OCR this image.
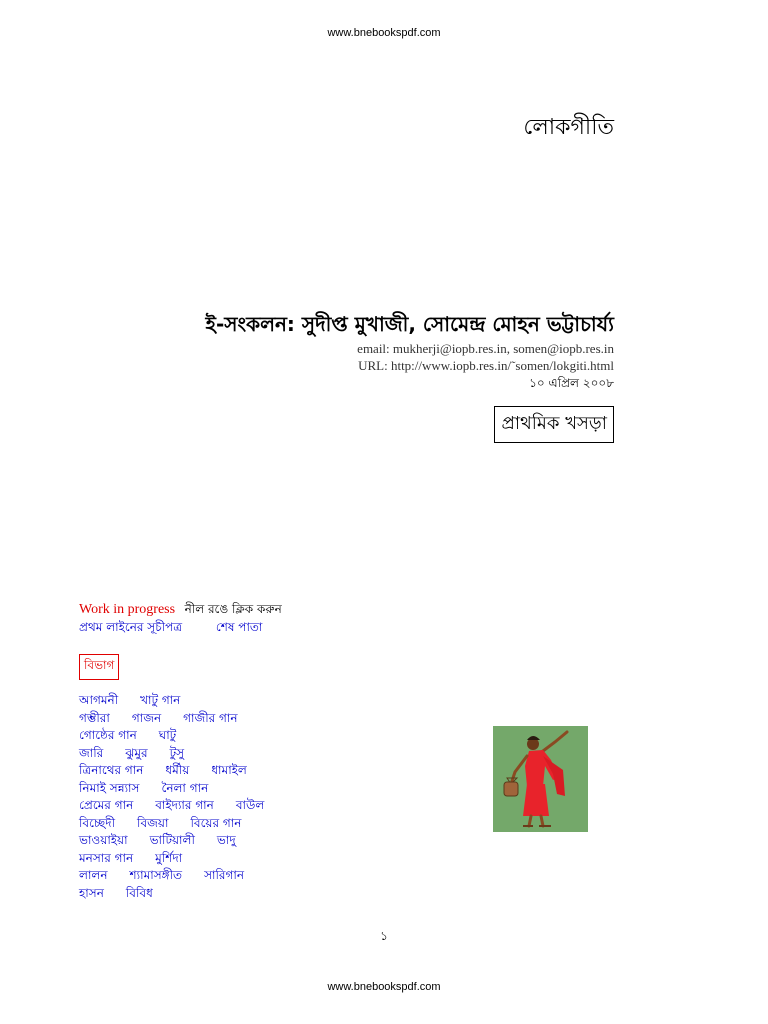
www.bnebookspdf.com
লোকগীতি
ই-সংকলন: সুদীপ্ত মুখাজী, সোমেন্দ্র মোহন ভট্টাচার্য্য
email: mukherji@iopb.res.in, somen@iopb.res.in
URL: http://www.iopb.res.in/˜somen/lokgiti.html
১০ এপ্রিল ২০০৮
প্রাথমিক খসড়া
Work in progress নীল রঙে ক্লিক করুন
প্রথম লাইনের সূচীপত্র	শেষ পাতা
বিভাগ
আগমনী খাটু গান
গম্ভীরা গাজন গাজীর গান
গোষ্ঠের গান ঘাটু
জারি ঝুমুর টুসু
ত্রিনাথের গান ধর্মীয় ধামাইল
নিমাই সন্ন্যাস নৈলা গান
প্রেমের গান বাইদ্যার গান বাউল
বিচ্ছেদী বিজয়া বিয়ের গান
ভাওয়াইয়া ভাটিয়ালী ভাদু
মনসার গান মুর্শিদা
লালন শ্যামাসঙ্গীত সারিগান
হাসন বিবিধ
১
www.bnebookspdf.com
